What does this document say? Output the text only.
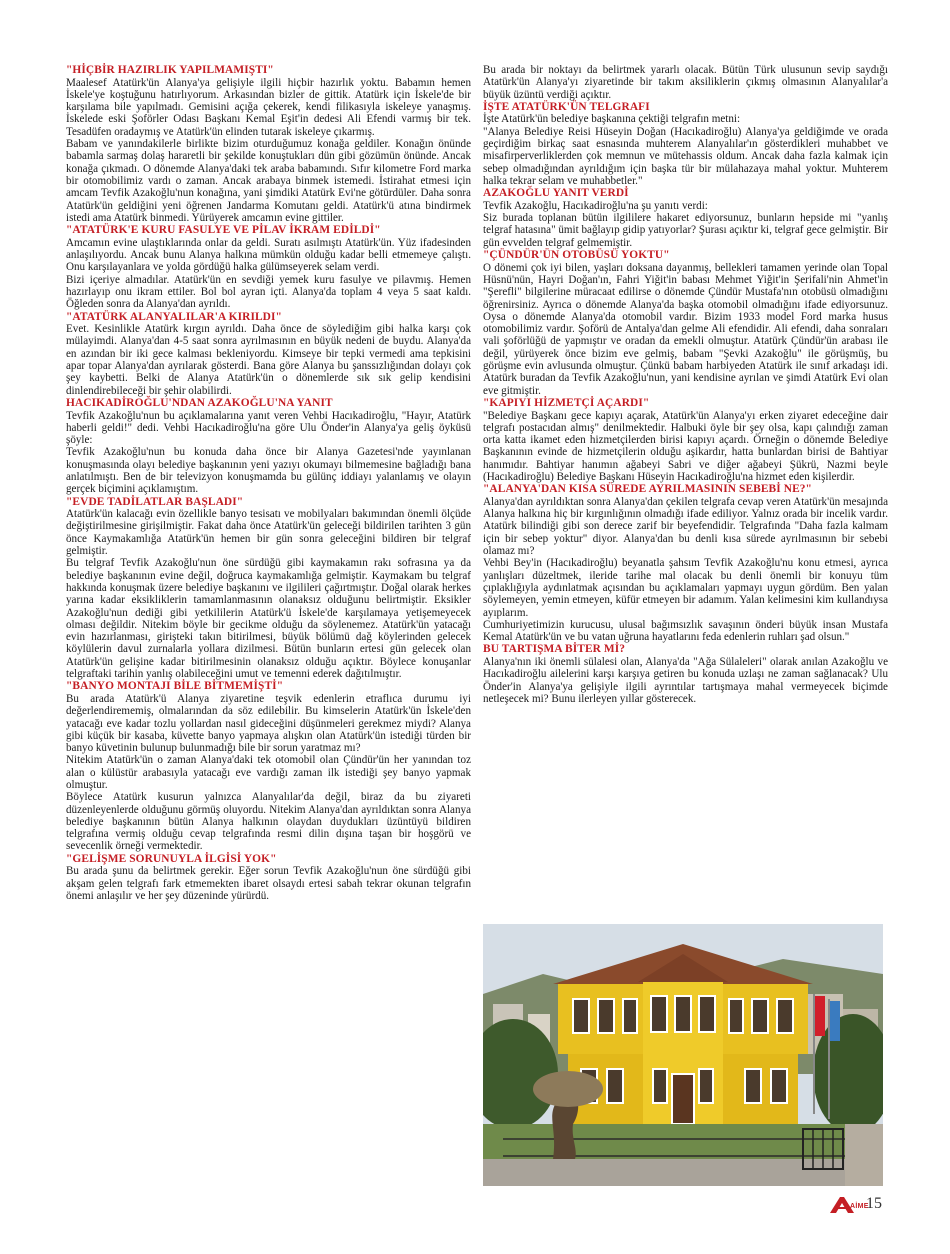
"HİÇBİR HAZIRLIK YAPILMAMIŞTI"

Maalesef Atatürk'ün Alanya'ya gelişiyle ilgili hiçbir hazırlık yoktu. Babamın hemen İskele'ye koştuğunu hatırlıyorum. Arkasından bizler de gittik. Atatürk için İskele'de bir karşılama bile yapılmadı. Gemisini açığa çekerek, kendi filikasıyla iskeleye yanaşmış. İskelede eski Şoförler Odası Başkanı Kemal Eşit'in dedesi Ali Efendi varmış bir tek. Tesadüfen oradaymış ve Atatürk'ün elinden tutarak iskeleye çıkarmış.

Babam ve yanındakilerle birlikte bizim oturduğumuz konağa geldiler. Konağın önünde babamla sarmaş dolaş hararetli bir şekilde konuştukları dün gibi gözümün önünde. Ancak konağa çıkmadı. O dönemde Alanya'daki tek araba babamındı. Sıfır kilometre Ford marka bir otomobilimiz vardı o zaman. Ancak arabaya binmek istemedi. İstirahat etmesi için amcam Tevfik Azakoğlu'nun konağına, yani şimdiki Atatürk Evi'ne götürdüler. Daha sonra Atatürk'ün geldiğini yeni öğrenen Jandarma Komutanı geldi. Atatürk'ü atına bindirmek istedi ama Atatürk binmedi. Yürüyerek amcamın evine gittiler.

"ATATÜRK'E KURU FASULYE VE PİLAV İKRAM EDİLDİ"

Amcamın evine ulaştıklarında onlar da geldi. Suratı asılmıştı Atatürk'ün. Yüz ifadesinden anlaşılıyordu. Ancak bunu Alanya halkına mümkün olduğu kadar belli etmemeye çalıştı. Onu karşılayanlara ve yolda gördüğü halka gülümseyerek selam verdi.

Bizi içeriye almadılar. Atatürk'ün en sevdiği yemek kuru fasulye ve pilavmış. Hemen hazırlayıp onu ikram ettiler. Bol bol ayran içti. Alanya'da toplam 4 veya 5 saat kaldı. Öğleden sonra da Alanya'dan ayrıldı.

"ATATÜRK ALANYALILAR'A KIRILDI"

Evet. Kesinlikle Atatürk kırgın ayrıldı. Daha önce de söylediğim gibi halka karşı çok mülayimdi. Alanya'dan 4-5 saat sonra ayrılmasının en büyük nedeni de buydu. Alanya'da en azından bir iki gece kalması bekleniyordu. Kimseye bir tepki vermedi ama tepkisini apar topar Alanya'dan ayrılarak gösterdi. Bana göre Alanya bu şanssızlığından dolayı çok şey kaybetti. Belki de Alanya Atatürk'ün o dönemlerde sık sık gelip kendisini dinlendirebileceği bir şehir olabilirdi.

HACIKADİROĞLU'NDAN AZAKOĞLU'NA YANIT

Tevfik Azakoğlu'nun bu açıklamalarına yanıt veren Vehbi Hacıkadiroğlu, "Hayır, Atatürk haberli geldi!" dedi. Vehbi Hacıkadiroğlu'na göre Ulu Önder'in Alanya'ya geliş öyküsü şöyle:

Tevfik Azakoğlu'nun bu konuda daha önce bir Alanya Gazetesi'nde yayınlanan konuşmasında olayı belediye başkanının yeni yazıyı okumayı bilmemesine bağladığı bana anlatılmıştı. Ben de bir televizyon konuşmamda bu gülünç iddiayı yalanlamış ve olayın gerçek biçimini açıklamıştım.

"EVDE TADİLATLAR BAŞLADI"

Atatürk'ün kalacağı evin özellikle banyo tesisatı ve mobilyaları bakımından önemli ölçüde değiştirilmesine girişilmiştir. Fakat daha önce Atatürk'ün geleceği bildirilen tarihten 3 gün önce Kaymakamlığa Atatürk'ün hemen bir gün sonra geleceğini bildiren bir telgraf gelmiştir.

Bu telgraf Tevfik Azakoğlu'nun öne sürdüğü gibi kaymakamın rakı sofrasına ya da belediye başkanının evine değil, doğruca kaymakamlığa gelmiştir. Kaymakam bu telgraf hakkında konuşmak üzere belediye başkanını ve ilgilileri çağırtmıştır. Doğal olarak herkes yarına kadar eksikliklerin tamamlanmasının olanaksız olduğunu belirtmiştir. Eksikler Azakoğlu'nun dediği gibi yetkililerin Atatürk'ü İskele'de karşılamaya yetişemeyecek olması değildir. Nitekim böyle bir gecikme olduğu da söylenemez. Atatürk'ün yatacağı evin hazırlanması, girişteki takın bitirilmesi, büyük bölümü dağ köylerinden gelecek köylülerin davul zurnalarla yollara dizilmesi. Bütün bunların ertesi gün gelecek olan Atatürk'ün gelişine kadar bitirilmesinin olanaksız olduğu açıktır. Böylece konuşanlar telgraftaki tarihin yanlış olabileceğini umut ve temenni ederek dağıtılmıştır.

"BANYO MONTAJI BİLE BİTMEMİŞTİ"

Bu arada Atatürk'ü Alanya ziyaretine teşvik edenlerin etraflıca durumu iyi değerlendirememiş, olmalarından da söz edilebilir. Bu kimselerin Atatürk'ün İskele'den yatacağı eve kadar tozlu yollardan nasıl gideceğini düşünmeleri gerekmez miydi? Alanya gibi küçük bir kasaba, küvette banyo yapmaya alışkın olan Atatürk'ün istediği türden bir banyo küvetinin bulunup bulunmadığı bile bir sorun yaratmaz mı?

Nitekim Atatürk'ün o zaman Alanya'daki tek otomobil olan Çündür'ün her yanından toz alan o külüstür arabasıyla yatacağı eve vardığı zaman ilk istediği şey banyo yapmak olmuştur.

Böylece Atatürk kusurun yalnızca Alanyalılar'da değil, biraz da bu ziyareti düzenleyenlerde olduğunu görmüş oluyordu. Nitekim Alanya'dan ayrıldıktan sonra Alanya belediye başkanının bütün Alanya halkının olaydan duydukları üzüntüyü bildiren telgrafına vermiş olduğu cevap telgrafında resmi dilin dışına taşan bir hoşgörü ve sevecenlik örneği vermektedir.

"GELİŞME SORUNUYLA İLGİSİ YOK"

Bu arada şunu da belirtmek gerekir. Eğer sorun Tevfik Azakoğlu'nun öne sürdüğü gibi akşam gelen telgrafı fark etmemekten ibaret olsaydı ertesi sabah tekrar okunan telgrafın önemi anlaşılır ve her şey düzeninde yürürdü.

Bu arada bir noktayı da belirtmek yararlı olacak. Bütün Türk ulusunun sevip saydığı Atatürk'ün Alanya'yı ziyaretinde bir takım aksiliklerin çıkmış olmasının Alanyalılar'a büyük üzüntü verdiği açıktır.

İŞTE ATATÜRK'ÜN TELGRAFI

İşte Atatürk'ün belediye başkanına çektiği telgrafın metni:

"Alanya Belediye Reisi Hüseyin Doğan (Hacıkadiroğlu) Alanya'ya geldiğimde ve orada geçirdiğim birkaç saat esnasında muhterem Alanyalılar'ın gösterdikleri muhabbet ve misafirperverliklerden çok memnun ve mütehassis oldum. Ancak daha fazla kalmak için sebep olmadığından ayrıldığım için başka tür bir mülahazaya mahal yoktur. Muhterem halka tekrar selam ve muhabbetler."

AZAKOĞLU YANIT VERDİ

Tevfik Azakoğlu, Hacıkadiroğlu'na şu yanıtı verdi:

Siz burada toplanan bütün ilgililere hakaret ediyorsunuz, bunların hepside mi "yanlış telgraf hatasına" ümit bağlayıp gidip yatıyorlar? Şurası açıktır ki, telgraf gece gelmiştir. Bir gün evvelden telgraf gelmemiştir.

"ÇÜNDÜR'ÜN OTOBÜSÜ YOKTU"

O dönemi çok iyi bilen, yaşları doksana dayanmış, bellekleri tamamen yerinde olan Topal Hüsnü'nün, Hayri Doğan'ın, Fahri Yiğit'in babası Mehmet Yiğit'in Şerifali'nin Ahmet'in "Şerefli" bilgilerine müracaat edilirse o dönemde Çündür Mustafa'nın otobüsü olmadığını öğrenirsiniz. Ayrıca o dönemde Alanya'da başka otomobil olmadığını ifade ediyorsunuz. Oysa o dönemde Alanya'da otomobil vardır. Bizim 1933 model Ford marka husus otomobilimiz vardır. Şoförü de Antalya'dan gelme Ali efendidir. Ali efendi, daha sonraları vali şoförlüğü de yapmıştır ve oradan da emekli olmuştur. Atatürk Çündür'ün arabası ile değil, yürüyerek önce bizim eve gelmiş, babam "Şevki Azakoğlu" ile görüşmüş, bu görüşme evin avlusunda olmuştur. Çünkü babam harbiyeden Atatürk ile sınıf arkadaşı idi. Atatürk buradan da Tevfik Azakoğlu'nun, yani kendisine ayrılan ve şimdi Atatürk Evi olan eve gitmiştir.

"KAPIYI HİZMETÇİ AÇARDI"

"Belediye Başkanı gece kapıyı açarak, Atatürk'ün Alanya'yı erken ziyaret edeceğine dair telgrafı postacıdan almış" denilmektedir. Halbuki öyle bir şey olsa, kapı çalındığı zaman orta katta ikamet eden hizmetçilerden birisi kapıyı açardı. Örneğin o dönemde Belediye Başkanının evinde de hizmetçilerin olduğu aşikardır, hatta bunlardan birisi de Bahtiyar hanımıdır. Bahtiyar hanımın ağabeyi Sabri ve diğer ağabeyi Şükrü, Nazmi beyle (Hacıkadiroğlu) Belediye Başkanı Hüseyin Hacıkadiroğlu'na hizmet eden kişilerdir.

"ALANYA'DAN KISA SÜREDE AYRILMASININ SEBEBİ NE?"

Alanya'dan ayrıldıktan sonra Alanya'dan çekilen telgrafa cevap veren Atatürk'ün mesajında Alanya halkına hiç bir kırgınlığının olmadığı ifade ediliyor. Yalnız orada bir incelik vardır. Atatürk bilindiği gibi son derece zarif bir beyefendidir. Telgrafında "Daha fazla kalmam için bir sebep yoktur" diyor. Alanya'dan bu denli kısa sürede ayrılmasının bir sebebi olamaz mı?

Vehbi Bey'in (Hacıkadiroğlu) beyanatla şahsım Tevfik Azakoğlu'nu konu etmesi, ayrıca yanlışları düzeltmek, ileride tarihe mal olacak bu denli önemli bir konuyu tüm çıplaklığıyla aydınlatmak açısından bu açıklamaları yapmayı uygun gördüm. Ben yalan söylemeyen, yemin etmeyen, küfür etmeyen bir adamım. Yalan kelimesini kim kullandıysa ayıplarım.

Cumhuriyetimizin kurucusu, ulusal bağımsızlık savaşının önderi büyük insan Mustafa Kemal Atatürk'ün ve bu vatan uğruna hayatlarını feda edenlerin ruhları şad olsun."

BU TARTIŞMA BİTER Mİ?

Alanya'nın iki önemli sülalesi olan, Alanya'da "Ağa Sülaleleri" olarak anılan Azakoğlu ve Hacıkadiroğlu ailelerini karşı karşıya getiren bu konuda uzlaşı ne zaman sağlanacak? Ulu Önder'in Alanya'ya gelişiyle ilgili ayrıntılar tartışmaya mahal vermeyecek biçimde netleşecek mi? Bunu ilerleyen yıllar gösterecek.

AİME
15
